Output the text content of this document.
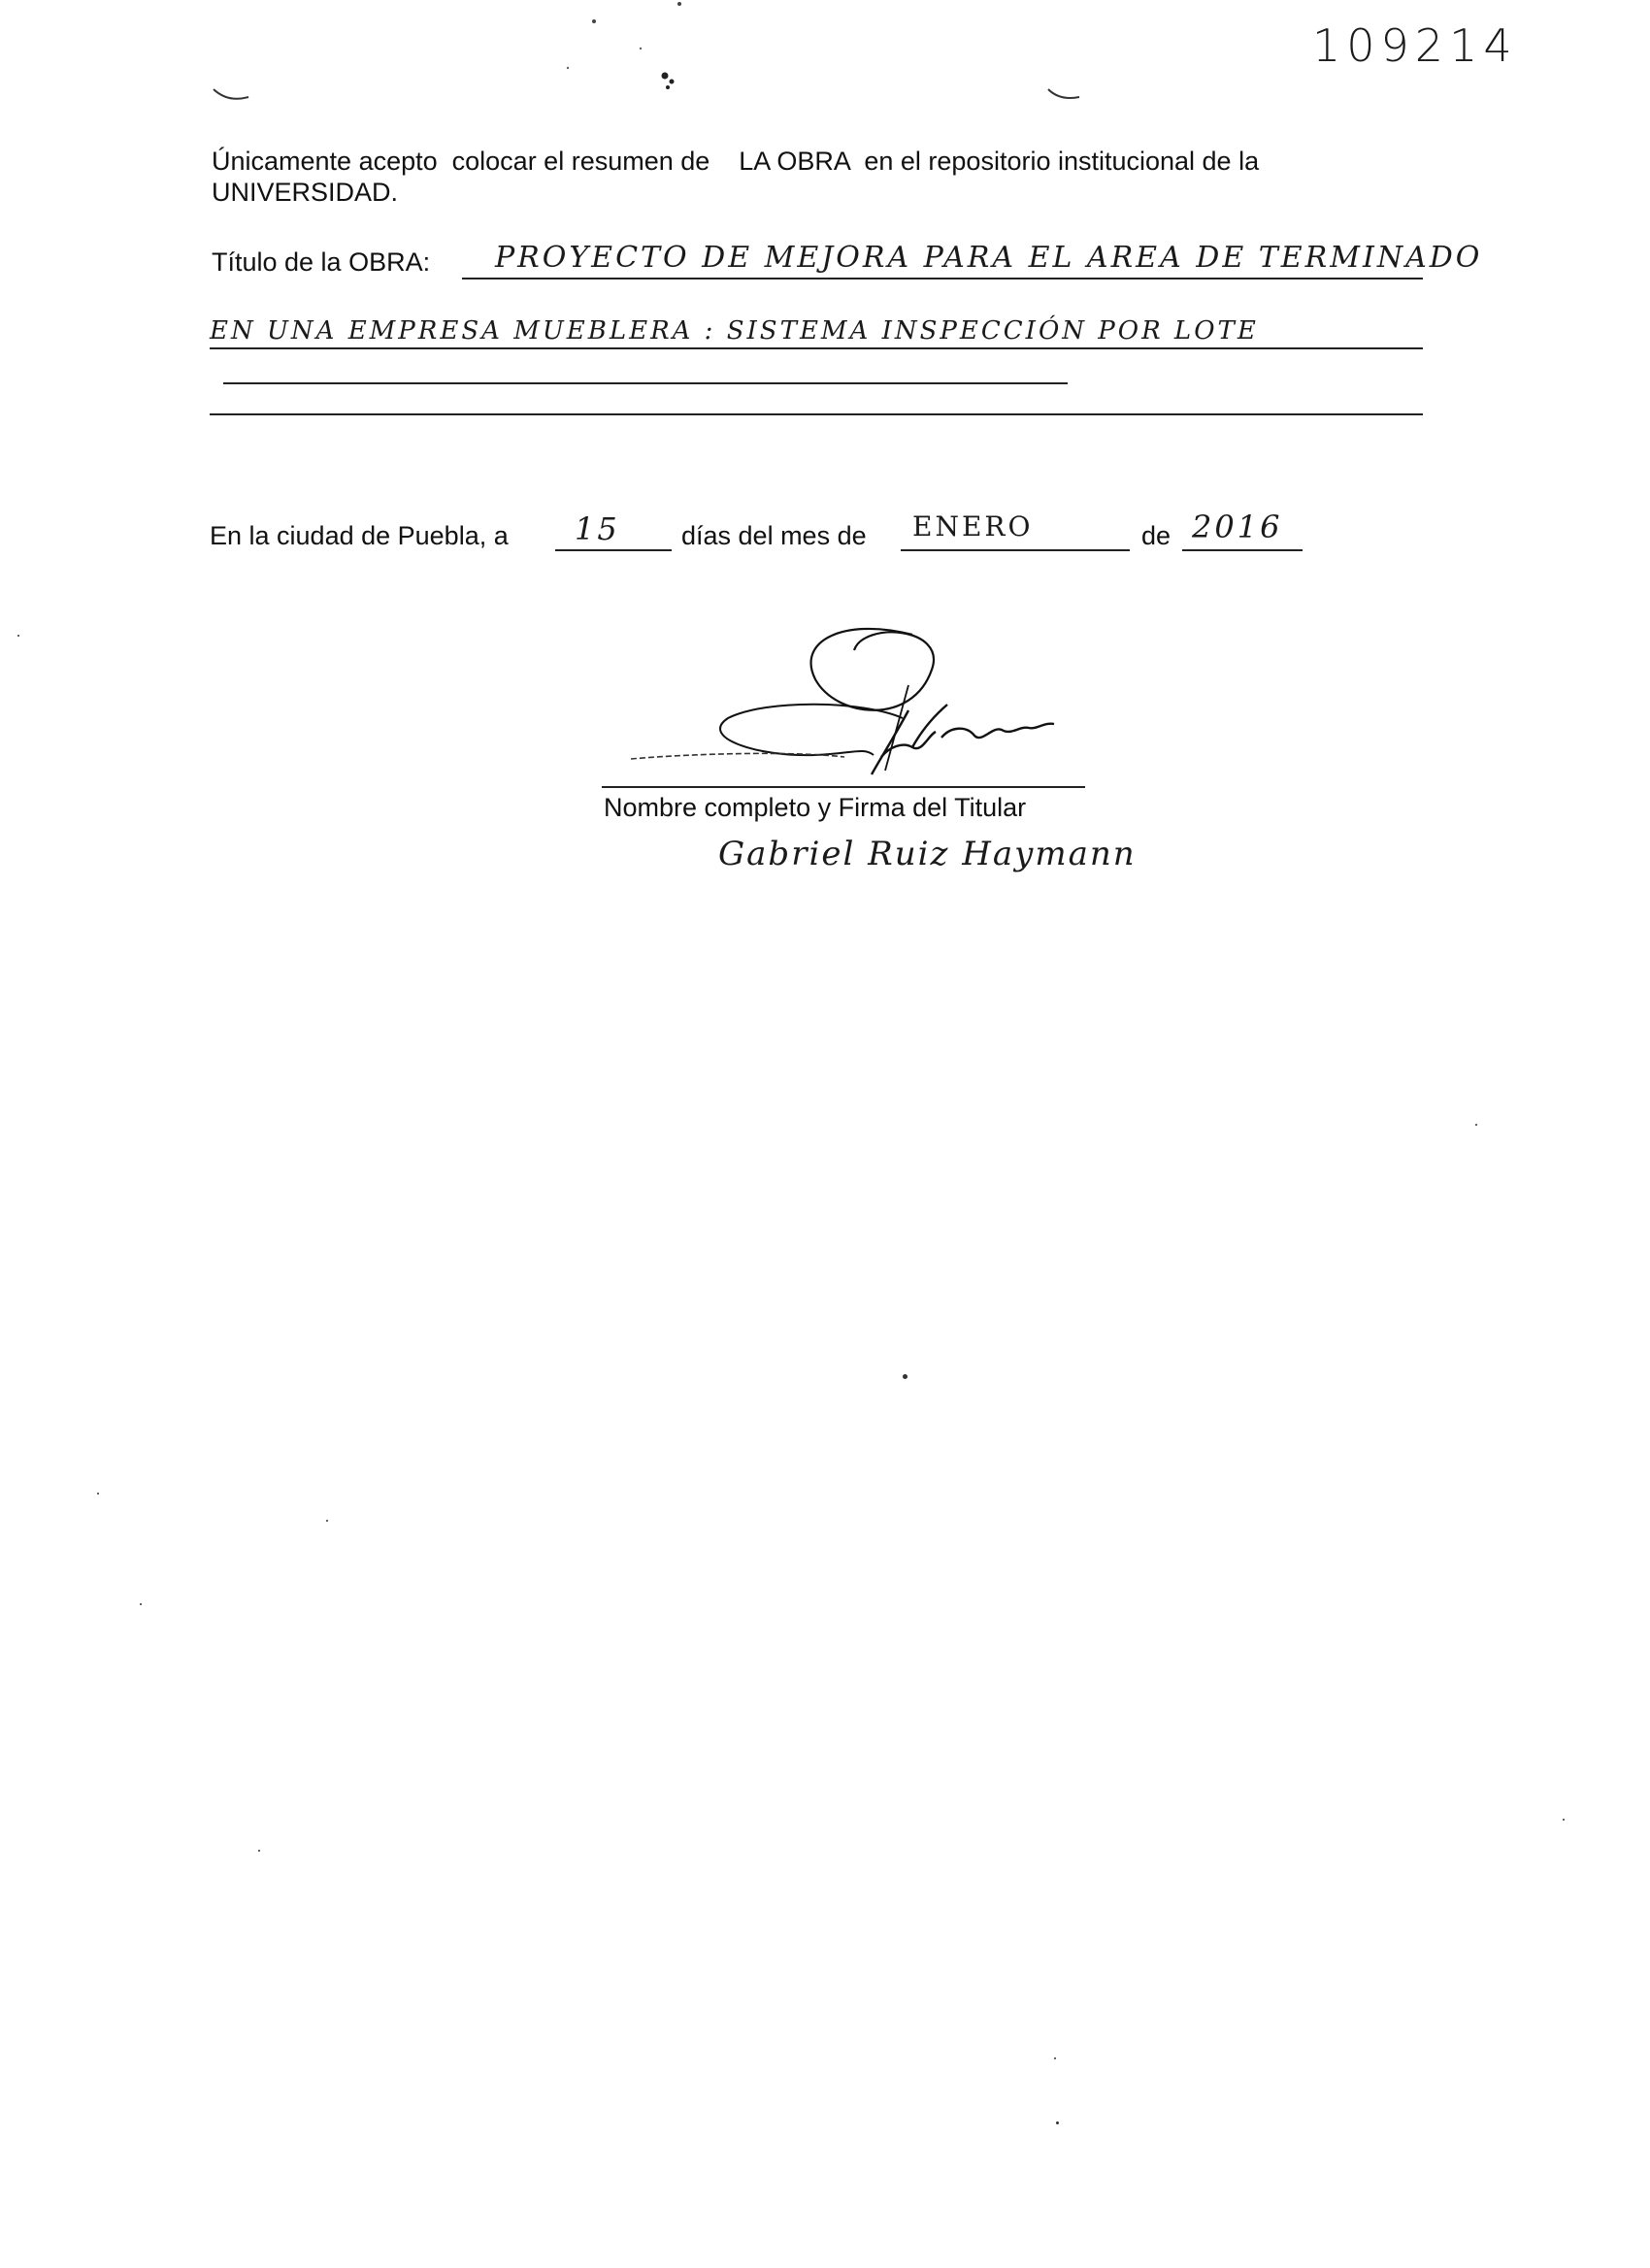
109214
Únicamente acepto  colocar el resumen de    LA OBRA  en el repositorio institucional de la
UNIVERSIDAD.
Título de la OBRA: PROYECTO DE MEJORA PARA EL AREA DE TERMINADO
EN UNA EMPRESA MUEBLERA : SISTEMA INSPECCIÓN POR LOTE
En la ciudad de Puebla, a 15 días del mes de ENERO	de 2016
Nombre completo y Firma del Titular
Gabriel Ruiz Haymann
